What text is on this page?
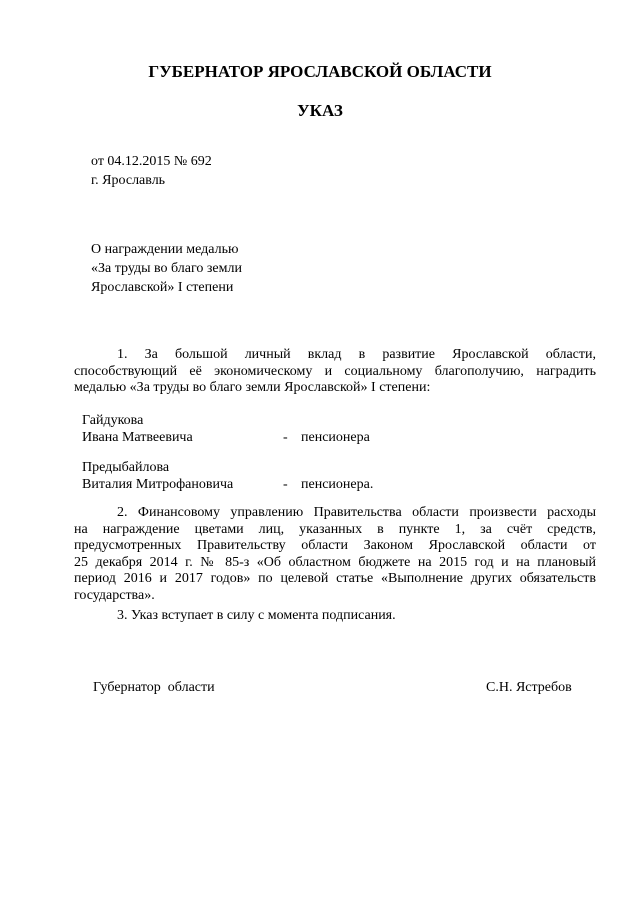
ГУБЕРНАТОР ЯРОСЛАВСКОЙ ОБЛАСТИ
УКАЗ
от 04.12.2015 № 692
г. Ярославль
О награждении медалью
«За труды во благо земли
Ярославской» I степени
1. За большой личный вклад в развитие Ярославской области,
способствующий её экономическому и социальному благополучию, наградить
медалью «За труды во благо земли Ярославской» I степени:
Гайдукова
Ивана Матвеевича	- пенсионера
Предыбайлова
Виталия Митрофановича	- пенсионера.
2. Финансовому управлению Правительства области произвести расходы
на награждение цветами лиц, указанных в пункте 1, за счёт средств,
предусмотренных Правительству области Законом Ярославской области от
25 декабря 2014 г. № 85-з «Об областном бюджете на 2015 год и на плановый
период 2016 и 2017 годов» по целевой статье «Выполнение других обязательств
государства».
3. Указ вступает в силу с момента подписания.
Губернатор  области	С.Н. Ястребов
